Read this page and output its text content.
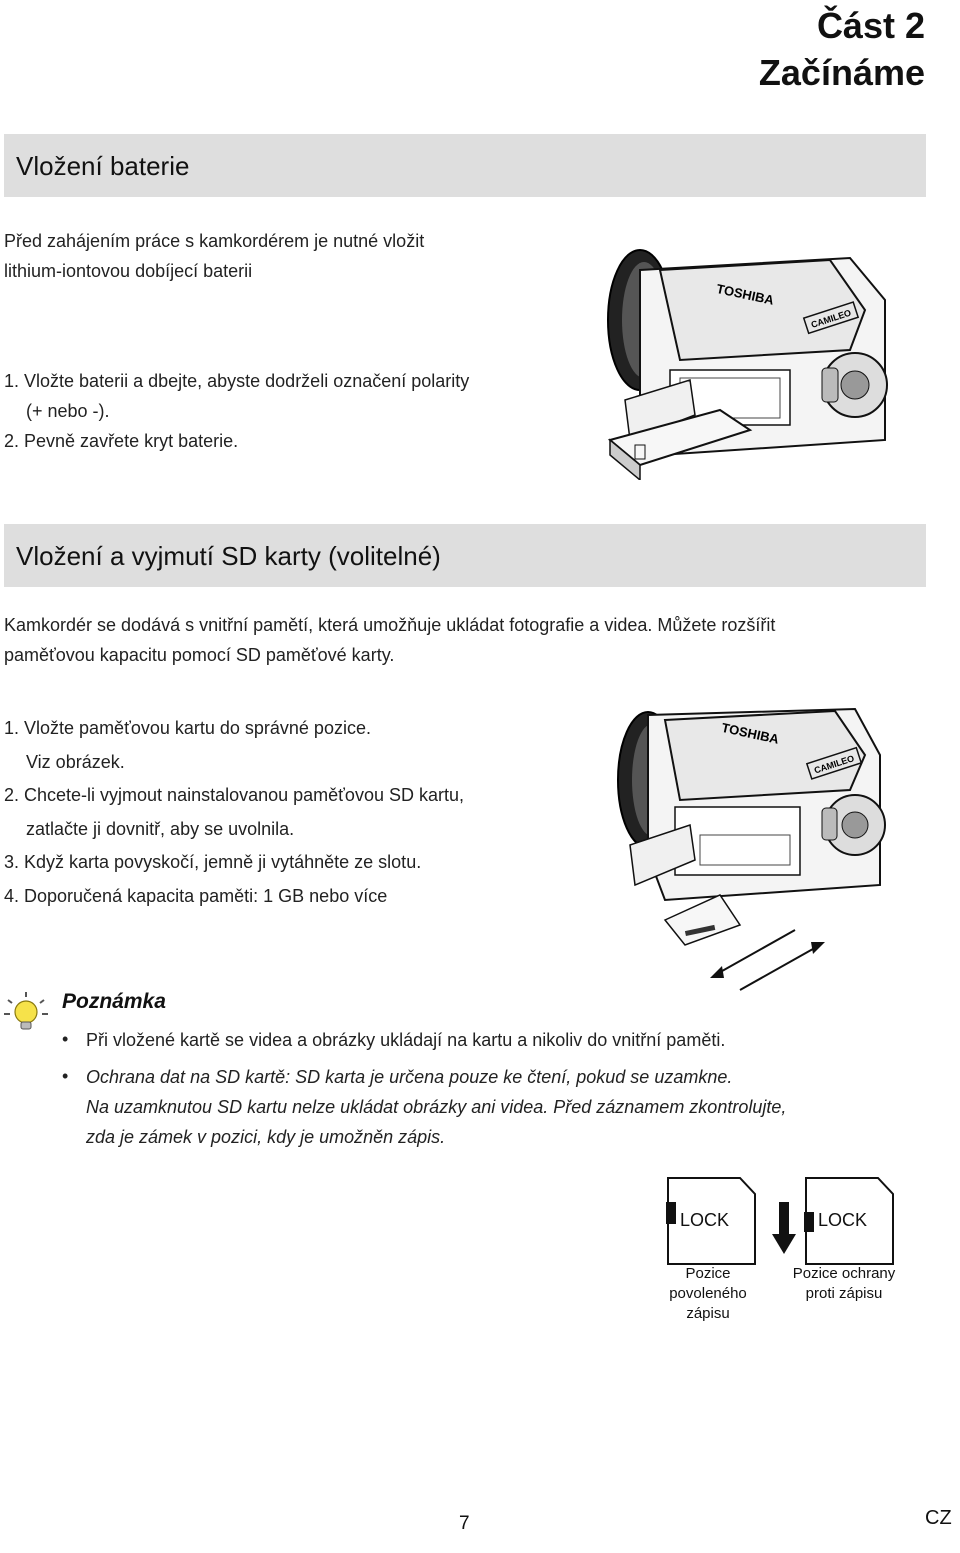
Část 2
Začínáme
Vložení baterie
Před zahájením práce s kamkordérem je nutné vložit
lithium-iontovou dobíjecí baterii
1. Vložte baterii a dbejte, abyste dodrželi označení polarity
(+ nebo -).
2. Pevně zavřete kryt baterie.
TOSHIBA
CAMILEO
Vložení a vyjmutí SD karty (volitelné)
Kamkordér se dodává s vnitřní pamětí, která umožňuje ukládat fotografie a videa. Můžete rozšířit
paměťovou kapacitu pomocí SD paměťové karty.
1. Vložte paměťovou kartu do správné pozice.
Viz obrázek.
2. Chcete-li vyjmout nainstalovanou paměťovou SD kartu,
zatlačte ji dovnitř, aby se uvolnila.
3. Když karta povyskočí, jemně ji vytáhněte ze slotu.
4. Doporučená kapacita paměti: 1 GB nebo více
TOSHIBA
CAMILEO
Poznámka
• Při vložené kartě se videa a obrázky ukládají na kartu a nikoliv do vnitřní paměti.
• Ochrana dat na SD kartě: SD karta je určena pouze ke čtení, pokud se uzamkne.
Na uzamknutou SD kartu nelze ukládat obrázky ani videa. Před záznamem zkontrolujte,
zda je zámek v pozici, kdy je umožněn zápis.
LOCK	LOCK
Pozice
povoleného
zápisu
Pozice ochrany
proti zápisu
7	CZ
